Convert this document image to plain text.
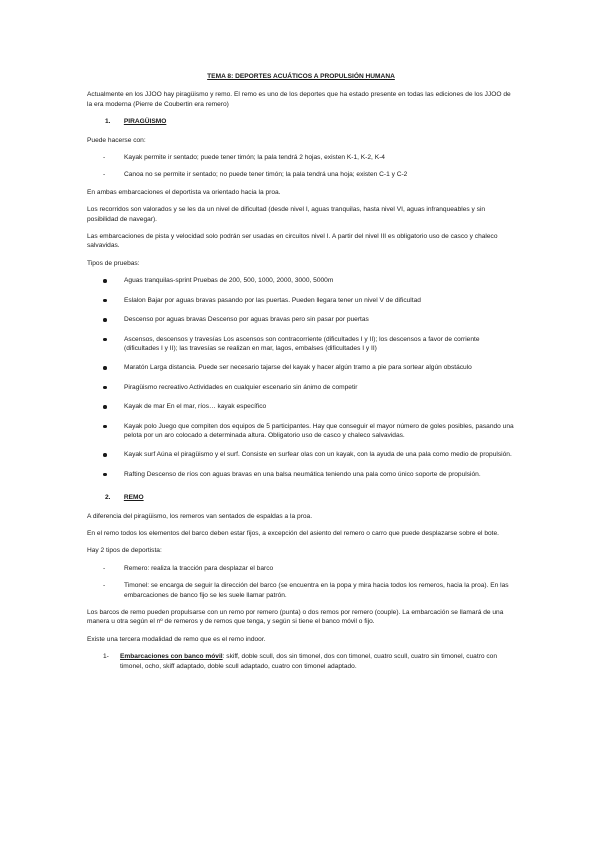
TEMA 8: DEPORTES ACUÁTICOS A PROPULSIÓN HUMANA

Actualmente en los JJOO hay piragüismo y remo. El remo es uno de los deportes que ha estado presente en todas las ediciones de los JJOO de la era moderna (Pierre de Coubertin era remero)

1. PIRAGÜISMO

Puede hacerse con:

- Kayak permite ir sentado; puede tener timón; la pala tendrá 2 hojas, existen K-1, K-2, K-4
- Canoa no se permite ir sentado; no puede tener timón; la pala tendrá una hoja; existen C-1 y C-2

En ambas embarcaciones el deportista va orientado hacia la proa.

Los recorridos son valorados y se les da un nivel de dificultad (desde nivel I, aguas tranquilas, hasta nivel VI, aguas infranqueables y sin posibilidad de navegar).

Las embarcaciones de pista y velocidad solo podrán ser usadas en circuitos nivel I. A partir del nivel III es obligatorio uso de casco y chaleco salvavidas.

Tipos de pruebas:

Aguas tranquilas-sprint Pruebas de 200, 500, 1000, 2000, 3000, 5000m
Eslalon Bajar por aguas bravas pasando por las puertas. Pueden llegara tener un nivel V de dificultad
Descenso por aguas bravas Descenso por aguas bravas pero sin pasar por puertas
Ascensos, descensos y travesías Los ascensos son contracorriente (dificultades I y II); los descensos a favor de corriente (dificultades I y II); las travesías se realizan en mar, lagos, embalses (dificultades I y II)
Maratón Larga distancia. Puede ser necesario tajarse del kayak y hacer algún tramo a pie para sortear algún obstáculo
Piragüismo recreativo Actividades en cualquier escenario sin ánimo de competir
Kayak de mar En el mar, ríos… kayak específico
Kayak polo Juego que compiten dos equipos de 5 participantes. Hay que conseguir el mayor número de goles posibles, pasando una pelota por un aro colocado a determinada altura. Obligatorio uso de casco y chaleco salvavidas.
Kayak surf Aúna el piragüismo y el surf. Consiste en surfear olas con un kayak, con la ayuda de una pala como medio de propulsión.
Rafting Descenso de ríos con aguas bravas en una balsa neumática teniendo una pala como único soporte de propulsión.
2. REMO

A diferencia del piragüismo, los remeros van sentados de espaldas a la proa.

En el remo todos los elementos del barco deben estar fijos, a excepción del asiento del remero o carro que puede desplazarse sobre el bote.

Hay 2 tipos de deportista:

- Remero: realiza la tracción para desplazar el barco
- Timonel: se encarga de seguir la dirección del barco (se encuentra en la popa y mira hacia todos los remeros, hacia la proa). En las embarcaciones de banco fijo se les suele llamar patrón.

Los barcos de remo pueden propulsarse con un remo por remero (punta) o dos remos por remero (couple). La embarcación se llamará de una manera u otra según el nº de remeros y de remos que tenga, y según si tiene el banco móvil o fijo.

Existe una tercera modalidad de remo que es el remo indoor.

1- Embarcaciones con banco móvil: skiff, doble scull, dos sin timonel, dos con timonel, cuatro scull, cuatro sin timonel, cuatro con timonel, ocho, skiff adaptado, doble scull adaptado, cuatro con timonel adaptado.
